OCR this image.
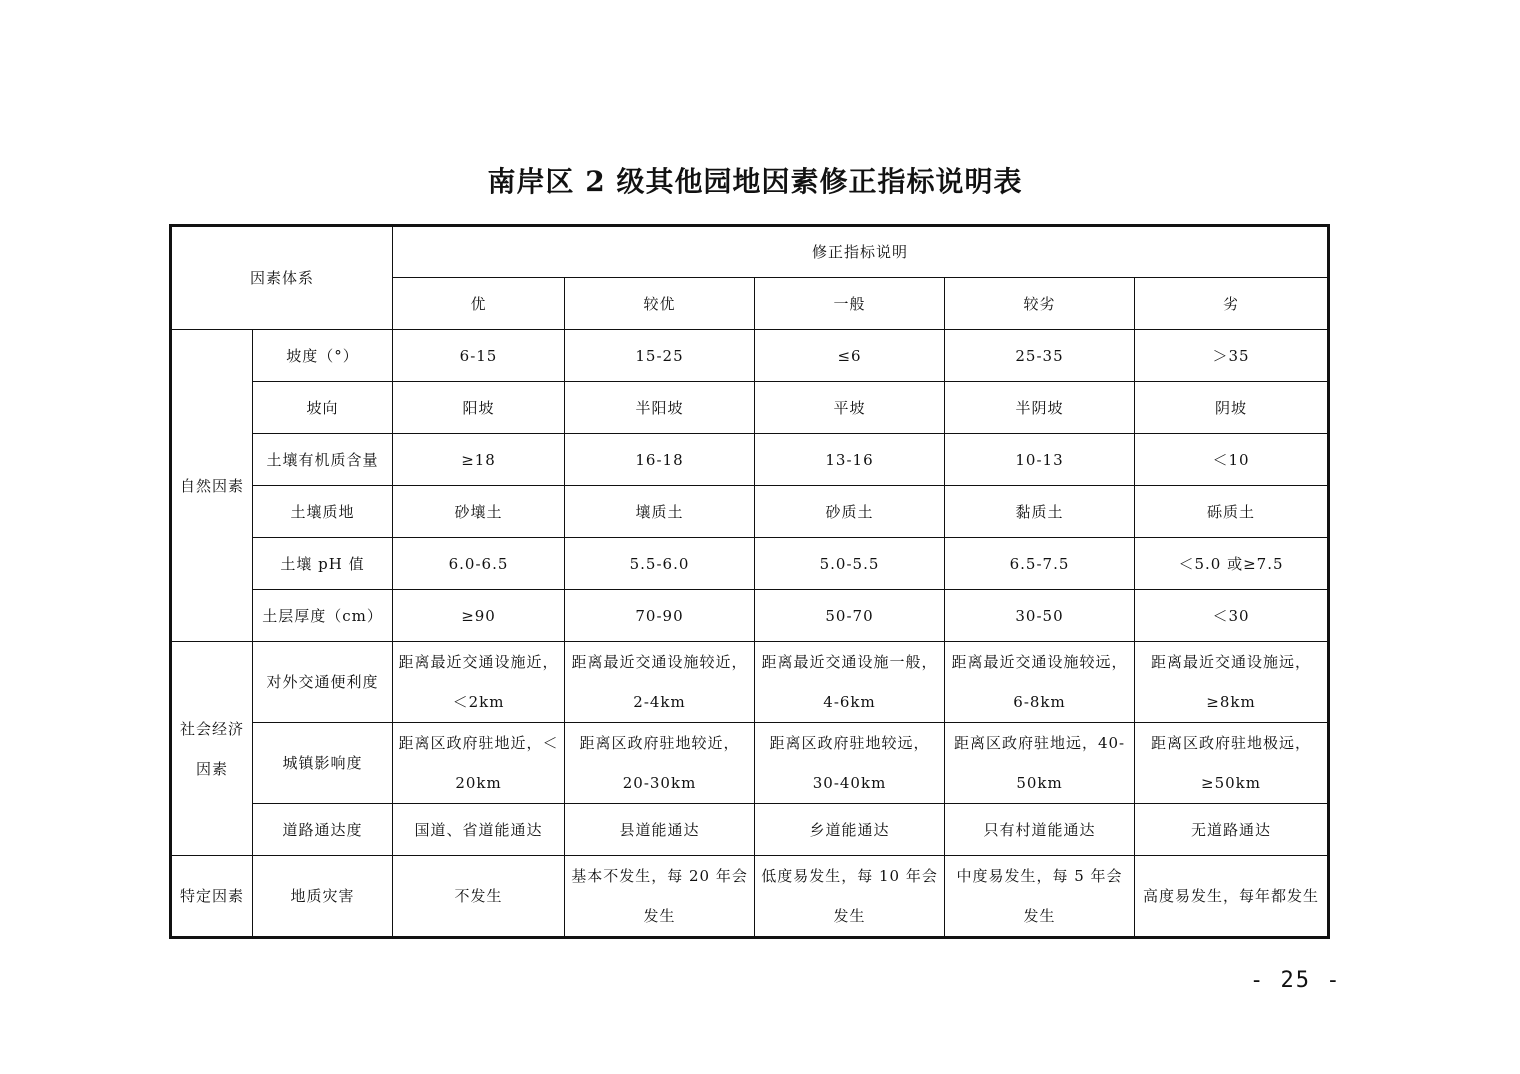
南岸区 2 级其他园地因素修正指标说明表
因素体系		修正指标说明				
		优	较优	一般	较劣	劣
自然因素	坡度（°）	6-15	15-25	≤6	25-35	＞35
	坡向	阳坡	半阳坡	平坡	半阴坡	阴坡
	土壤有机质含量	≥18	16-18	13-16	10-13	＜10
	土壤质地	砂壤土	壤质土	砂质土	黏质土	砾质土
	土壤 pH 值	6.0-6.5	5.5-6.0	5.0-5.5	6.5-7.5	＜5.0 或≥7.5
	土层厚度（cm）	≥90	70-90	50-70	30-50	＜30
社会经济因素	对外交通便利度	距离最近交通设施近，＜2km	距离最近交通设施较近，2-4km	距离最近交通设施一般，4-6km	距离最近交通设施较远，6-8km	距离最近交通设施远，≥8km
	城镇影响度	距离区政府驻地近，＜20km	距离区政府驻地较近，20-30km	距离区政府驻地较远，30-40km	距离区政府驻地远，40-50km	距离区政府驻地极远，≥50km
	道路通达度	国道、省道能通达	县道能通达	乡道能通达	只有村道能通达	无道路通达
特定因素	地质灾害	不发生	基本不发生，每 20 年会发生	低度易发生，每 10 年会发生	中度易发生，每 5 年会发生	高度易发生，每年都发生
- 25 -
